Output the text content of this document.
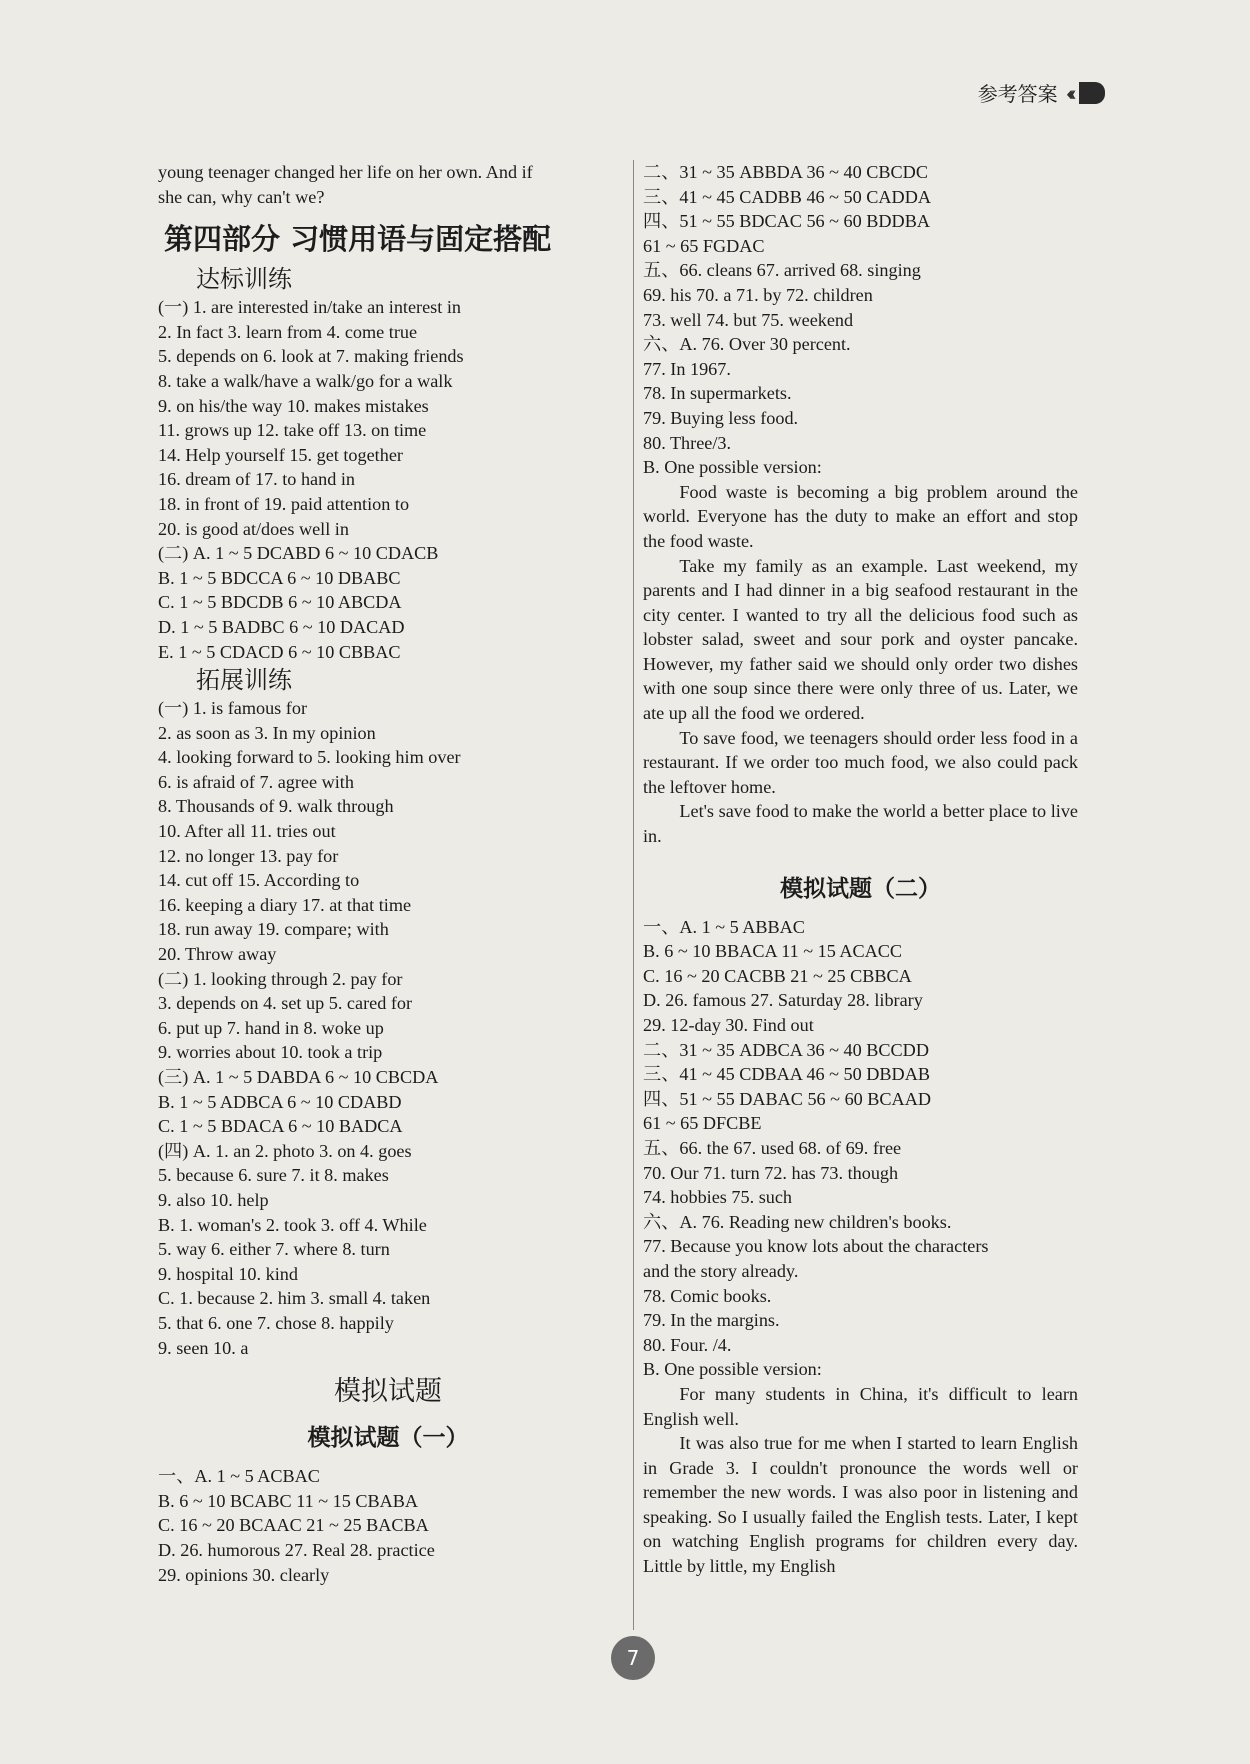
参考答案 ‹‹‹‹
young teenager changed her life on her own. And if
she can, why can't we?
第四部分 习惯用语与固定搭配
达标训练
(一) 1. are interested in/take an interest in
2. In fact 3. learn from 4. come true
5. depends on 6. look at 7. making friends
8. take a walk/have a walk/go for a walk
9. on his/the way 10. makes mistakes
11. grows up 12. take off 13. on time
14. Help yourself 15. get together
16. dream of 17. to hand in
18. in front of 19. paid attention to
20. is good at/does well in
(二) A. 1 ~ 5 DCABD 6 ~ 10 CDACB
B. 1 ~ 5 BDCCA 6 ~ 10 DBABC
C. 1 ~ 5 BDCDB 6 ~ 10 ABCDA
D. 1 ~ 5 BADBC 6 ~ 10 DACAD
E. 1 ~ 5 CDACD 6 ~ 10 CBBAC
拓展训练
(一) 1. is famous for
2. as soon as 3. In my opinion
4. looking forward to 5. looking him over
6. is afraid of 7. agree with
8. Thousands of 9. walk through
10. After all 11. tries out
12. no longer 13. pay for
14. cut off 15. According to
16. keeping a diary 17. at that time
18. run away 19. compare; with
20. Throw away
(二) 1. looking through 2. pay for
3. depends on 4. set up 5. cared for
6. put up 7. hand in 8. woke up
9. worries about 10. took a trip
(三) A. 1 ~ 5 DABDA 6 ~ 10 CBCDA
B. 1 ~ 5 ADBCA 6 ~ 10 CDABD
C. 1 ~ 5 BDACA 6 ~ 10 BADCA
(四) A. 1. an 2. photo 3. on 4. goes
5. because 6. sure 7. it 8. makes
9. also 10. help
B. 1. woman's 2. took 3. off 4. While
5. way 6. either 7. where 8. turn
9. hospital 10. kind
C. 1. because 2. him 3. small 4. taken
5. that 6. one 7. chose 8. happily
9. seen 10. a
模拟试题
模拟试题（一）
一、A. 1 ~ 5 ACBAC
B. 6 ~ 10 BCABC 11 ~ 15 CBABA
C. 16 ~ 20 BCAAC 21 ~ 25 BACBA
D. 26. humorous 27. Real 28. practice
29. opinions 30. clearly
二、31 ~ 35 ABBDA 36 ~ 40 CBCDC
三、41 ~ 45 CADBB 46 ~ 50 CADDA
四、51 ~ 55 BDCAC 56 ~ 60 BDDBA
61 ~ 65 FGDAC
五、66. cleans 67. arrived 68. singing
69. his 70. a 71. by 72. children
73. well 74. but 75. weekend
六、A. 76. Over 30 percent.
77. In 1967.
78. In supermarkets.
79. Buying less food.
80. Three/3.
B. One possible version:
Food waste is becoming a big problem around the world. Everyone has the duty to make an effort and stop the food waste.
Take my family as an example. Last weekend, my parents and I had dinner in a big seafood restaurant in the city center. I wanted to try all the delicious food such as lobster salad, sweet and sour pork and oyster pancake. However, my father said we should only order two dishes with one soup since there were only three of us. Later, we ate up all the food we ordered.
To save food, we teenagers should order less food in a restaurant. If we order too much food, we also could pack the leftover home.
Let's save food to make the world a better place to live in.
模拟试题（二）
一、A. 1 ~ 5 ABBAC
B. 6 ~ 10 BBACA 11 ~ 15 ACACC
C. 16 ~ 20 CACBB 21 ~ 25 CBBCA
D. 26. famous 27. Saturday 28. library
29. 12-day 30. Find out
二、31 ~ 35 ADBCA 36 ~ 40 BCCDD
三、41 ~ 45 CDBAA 46 ~ 50 DBDAB
四、51 ~ 55 DABAC 56 ~ 60 BCAAD
61 ~ 65 DFCBE
五、66. the 67. used 68. of 69. free
70. Our 71. turn 72. has 73. though
74. hobbies 75. such
六、A. 76. Reading new children's books.
77. Because you know lots about the characters
and the story already.
78. Comic books.
79. In the margins.
80. Four. /4.
B. One possible version:
For many students in China, it's difficult to learn English well.
It was also true for me when I started to learn English in Grade 3. I couldn't pronounce the words well or remember the new words. I was also poor in listening and speaking. So I usually failed the English tests. Later, I kept on watching English programs for children every day. Little by little, my English
7
